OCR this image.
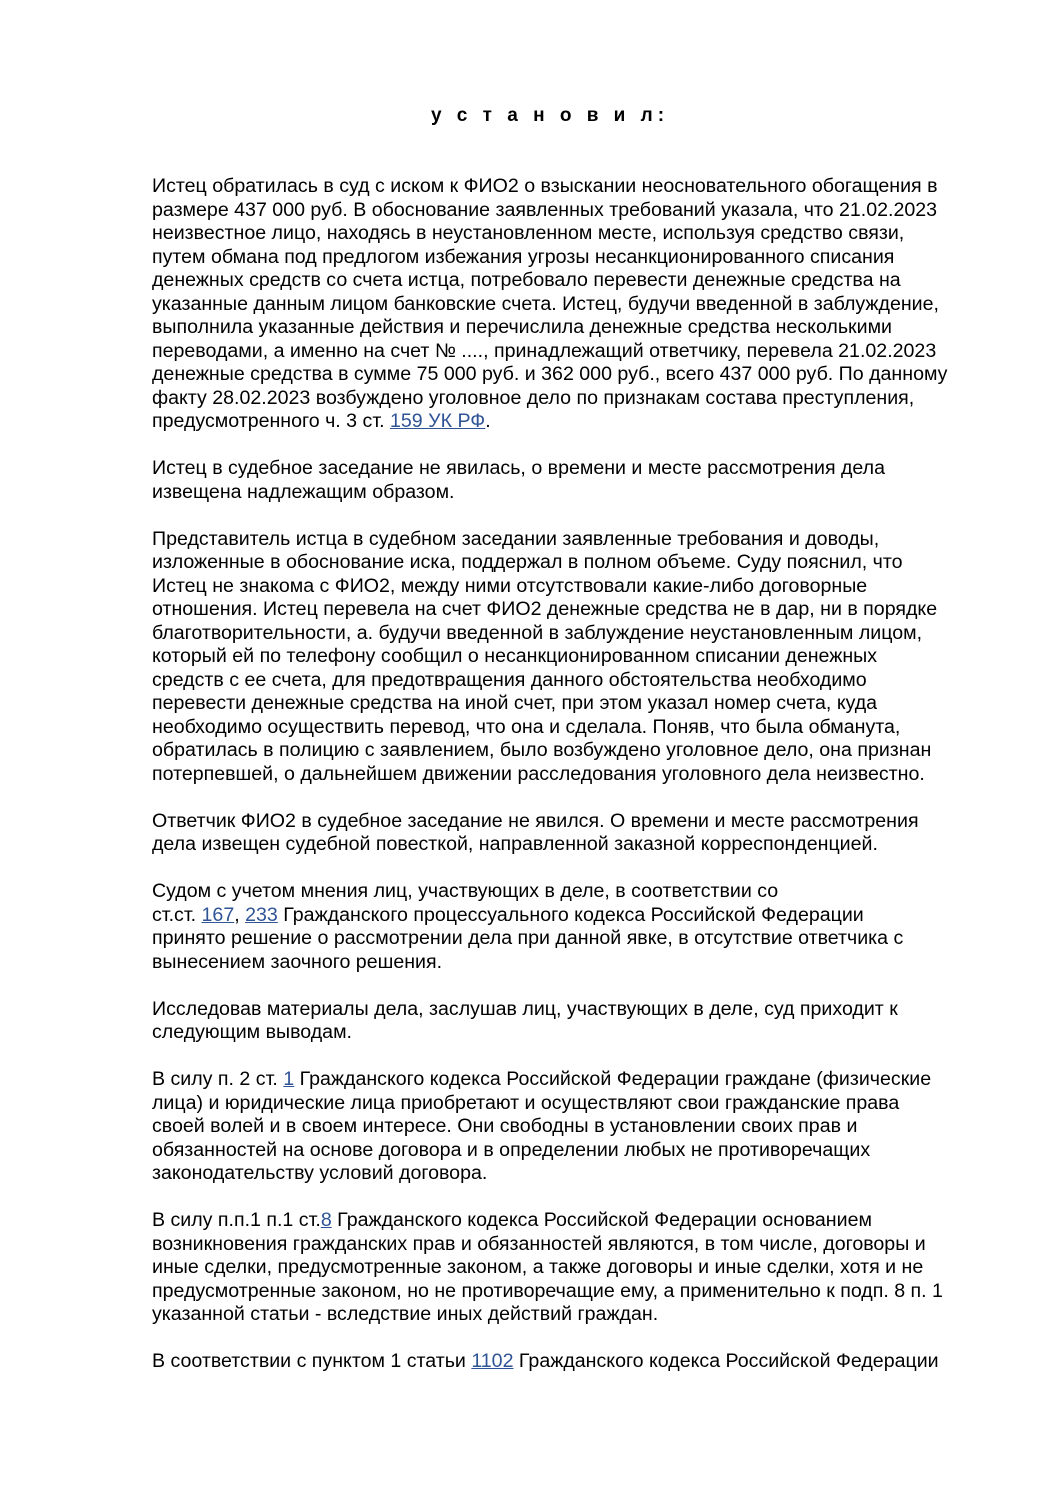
у с т а н о в и л:

Истец обратилась в суд с иском к ФИО2 о взыскании неосновательного обогащения в
размере 437 000 руб. В обоснование заявленных требований указала, что 21.02.2023
неизвестное лицо, находясь в неустановленном месте, используя средство связи,
путем обмана под предлогом избежания угрозы несанкционированного списания
денежных средств со счета истца, потребовало перевести денежные средства на
указанные данным лицом банковские счета. Истец, будучи введенной в заблуждение,
выполнила указанные действия и перечислила денежные средства несколькими
переводами, а именно на счет № ...., принадлежащий ответчику, перевела 21.02.2023
денежные средства в сумме 75 000 руб. и 362 000 руб., всего 437 000 руб. По данному
факту 28.02.2023 возбуждено уголовное дело по признакам состава преступления,
предусмотренного ч. 3 ст. 159 УК РФ.

Истец в судебное заседание не явилась, о времени и месте рассмотрения дела
извещена надлежащим образом.

Представитель истца в судебном заседании заявленные требования и доводы,
изложенные в обоснование иска, поддержал в полном объеме. Суду пояснил, что
Истец не знакома с ФИО2, между ними отсутствовали какие-либо договорные
отношения. Истец перевела на счет ФИО2 денежные средства не в дар, ни в порядке
благотворительности, а. будучи введенной в заблуждение неустановленным лицом,
который ей по телефону сообщил о несанкционированном списании денежных
средств с ее счета, для предотвращения данного обстоятельства необходимо
перевести денежные средства на иной счет, при этом указал номер счета, куда
необходимо осуществить перевод, что она и сделала. Поняв, что была обманута,
обратилась в полицию с заявлением, было возбуждено уголовное дело, она признан
потерпевшей, о дальнейшем движении расследования уголовного дела неизвестно.

Ответчик ФИО2 в судебное заседание не явился. О времени и месте рассмотрения
дела извещен судебной повесткой, направленной заказной корреспонденцией.

Судом с учетом мнения лиц, участвующих в деле, в соответствии со
ст.ст. 167, 233 Гражданского процессуального кодекса Российской Федерации
принято решение о рассмотрении дела при данной явке, в отсутствие ответчика с
вынесением заочного решения.

Исследовав материалы дела, заслушав лиц, участвующих в деле, суд приходит к
следующим выводам.

В силу п. 2 ст. 1 Гражданского кодекса Российской Федерации граждане (физические
лица) и юридические лица приобретают и осуществляют свои гражданские права
своей волей и в своем интересе. Они свободны в установлении своих прав и
обязанностей на основе договора и в определении любых не противоречащих
законодательству условий договора.

В силу п.п.1 п.1 ст.8 Гражданского кодекса Российской Федерации основанием
возникновения гражданских прав и обязанностей являются, в том числе, договоры и
иные сделки, предусмотренные законом, а также договоры и иные сделки, хотя и не
предусмотренные законом, но не противоречащие ему, а применительно к подп. 8 п. 1
указанной статьи - вследствие иных действий граждан.

В соответствии с пунктом 1 статьи 1102 Гражданского кодекса Российской Федерации
